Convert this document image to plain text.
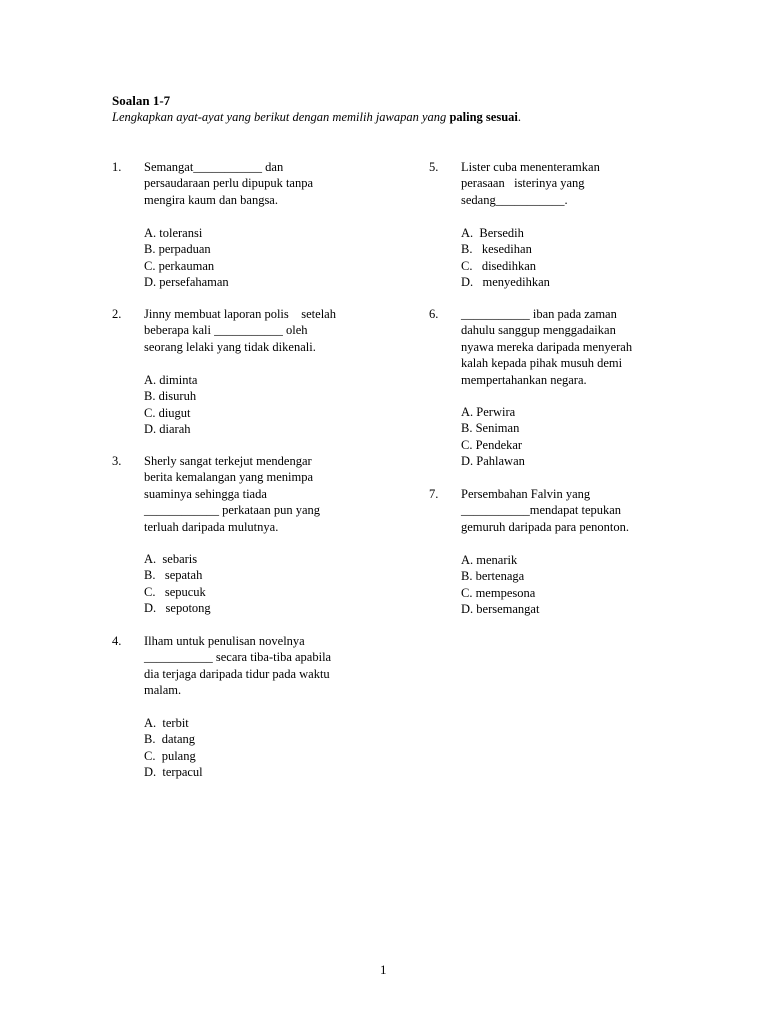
Soalan 1-7
Lengkapkan ayat-ayat yang berikut dengan memilih jawapan yang paling sesuai.
1. Semangat___________ dan
persaudaraan perlu dipupuk tanpa
mengira kaum dan bangsa.
A. toleransi
B. perpaduan
C. perkauman
D. persefahaman
2. Jinny membuat laporan polis    setelah
beberapa kali ___________ oleh
seorang lelaki yang tidak dikenali.
A. diminta
B. disuruh
C. diugut
D. diarah
3. Sherly sangat terkejut mendengar
berita kemalangan yang menimpa
suaminya sehingga tiada
____________ perkataan pun yang
terluah daripada mulutnya.
A.  sebaris
B.   sepatah
C.   sepucuk
D.   sepotong
4. Ilham untuk penulisan novelnya
___________ secara tiba-tiba apabila
dia terjaga daripada tidur pada waktu
malam.
A.  terbit
B.  datang
C.  pulang
D.  terpacul
5. Lister cuba menenteramkan
perasaan   isterinya yang
sedang___________.
A.  Bersedih
B.   kesedihan
C.   disedihkan
D.   menyedihkan
6. ___________ iban pada zaman
dahulu sanggup menggadaikan
nyawa mereka daripada menyerah
kalah kepada pihak musuh demi
mempertahankan negara.
A. Perwira
B. Seniman
C. Pendekar
D. Pahlawan
7. Persembahan Falvin yang
___________mendapat tepukan
gemuruh daripada para penonton.
A. menarik
B. bertenaga
C. mempesona
D. bersemangat
1
